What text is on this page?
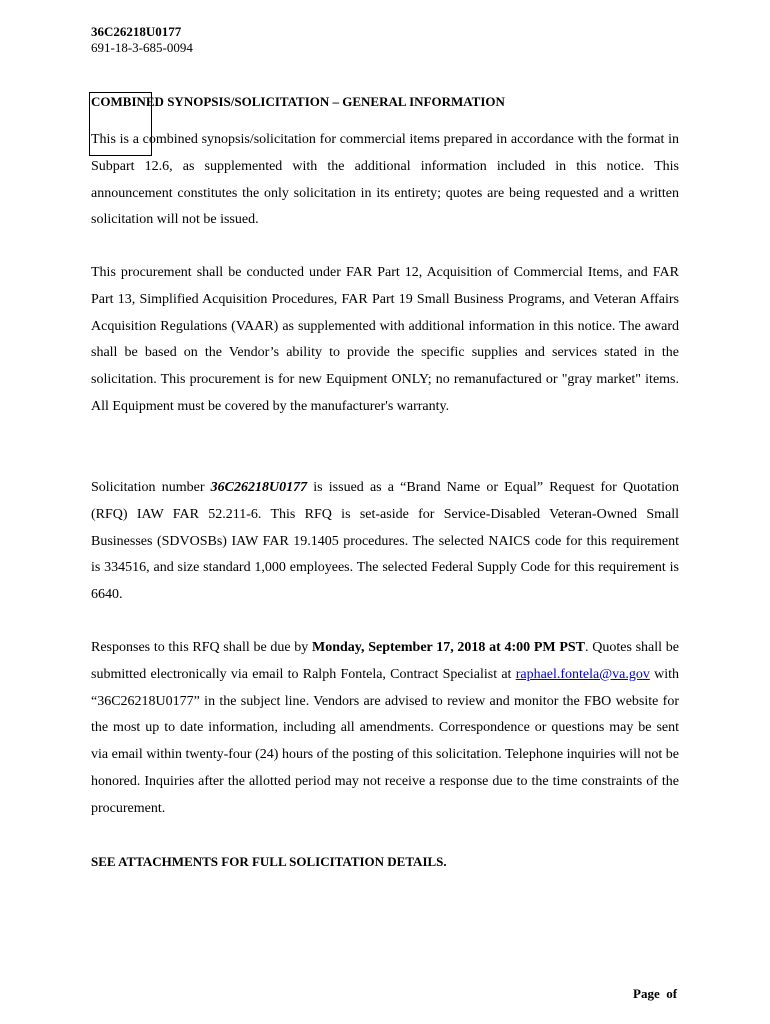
36C26218U0177
691-18-3-685-0094
COMBINED SYNOPSIS/SOLICITATION – GENERAL INFORMATION
This is a combined synopsis/solicitation for commercial items prepared in accordance with the format in Subpart 12.6, as supplemented with the additional information included in this notice. This announcement constitutes the only solicitation in its entirety; quotes are being requested and a written solicitation will not be issued.
This procurement shall be conducted under FAR Part 12, Acquisition of Commercial Items, and FAR Part 13, Simplified Acquisition Procedures, FAR Part 19 Small Business Programs, and Veteran Affairs Acquisition Regulations (VAAR) as supplemented with additional information in this notice. The award shall be based on the Vendor’s ability to provide the specific supplies and services stated in the solicitation. This procurement is for new Equipment ONLY; no remanufactured or "gray market" items. All Equipment must be covered by the manufacturer's warranty.
Solicitation number 36C26218U0177 is issued as a “Brand Name or Equal” Request for Quotation (RFQ) IAW FAR 52.211-6. This RFQ is set-aside for Service-Disabled Veteran-Owned Small Businesses (SDVOSBs) IAW FAR 19.1405 procedures. The selected NAICS code for this requirement is 334516, and size standard 1,000 employees. The selected Federal Supply Code for this requirement is 6640.
Responses to this RFQ shall be due by Monday, September 17, 2018 at 4:00 PM PST. Quotes shall be submitted electronically via email to Ralph Fontela, Contract Specialist at raphael.fontela@va.gov with “36C26218U0177” in the subject line. Vendors are advised to review and monitor the FBO website for the most up to date information, including all amendments. Correspondence or questions may be sent via email within twenty-four (24) hours of the posting of this solicitation. Telephone inquiries will not be honored. Inquiries after the allotted period may not receive a response due to the time constraints of the procurement.
SEE ATTACHMENTS FOR FULL SOLICITATION DETAILS.
Page of
